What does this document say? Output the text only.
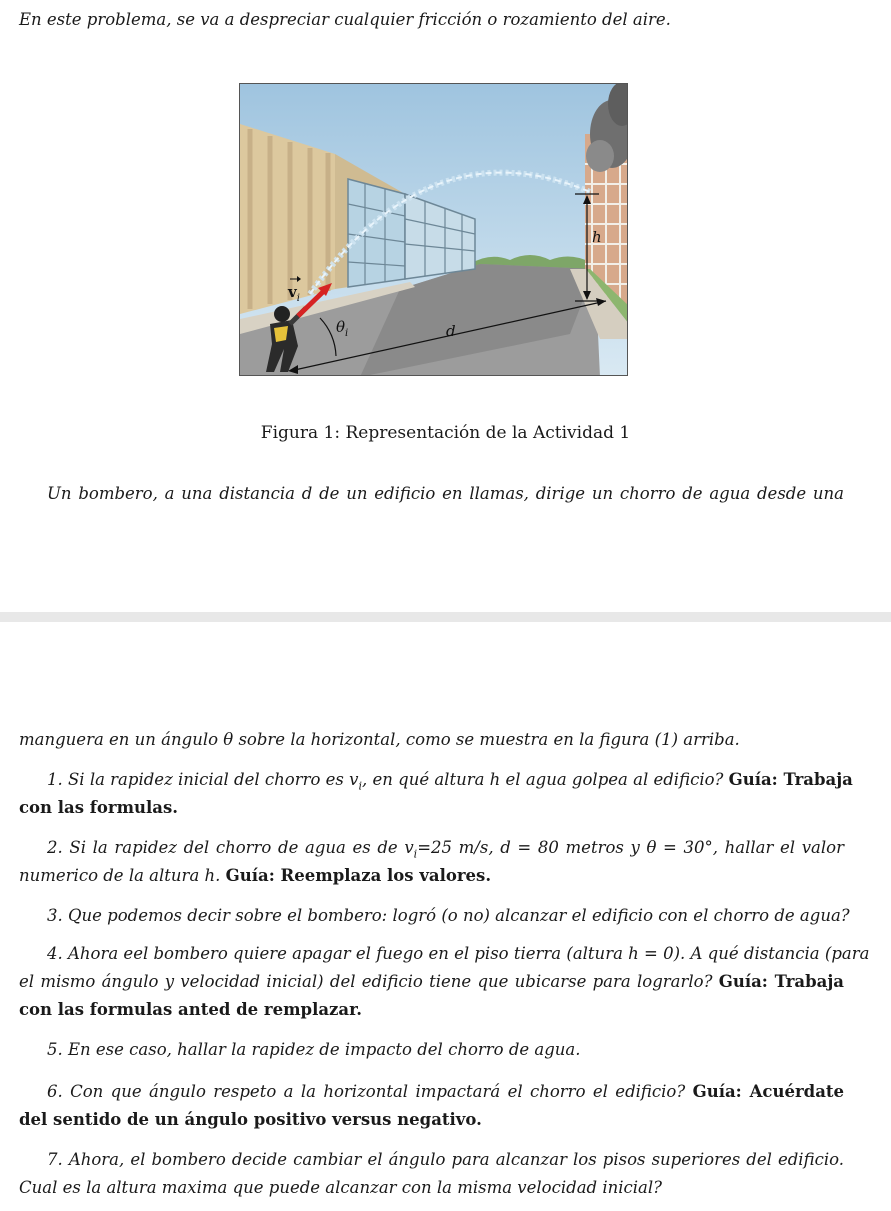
En este problema, se va a despreciar cualquier fricción o rozamiento del aire.
$v_i$
$\theta_i$	d
h
Figura 1: Representación de la Actividad 1
Un bombero, a una distancia d de un edificio en llamas, dirige un chorro de agua desde una
manguera en un ángulo θ sobre la horizontal, como se muestra en la figura (1) arriba.
1. Si la rapidez inicial del chorro es $v_i$, en qué altura h el agua golpea al edificio? Guía: Trabaja
con las formulas.
2. Si la rapidez del chorro de agua es de $v_i=25$ m/s, d = 80 metros y θ = 30°, hallar el valor
numerico de la altura h. Guía: Reemplaza los valores.
3. Que podemos decir sobre el bombero: logró (o no) alcanzar el edificio con el chorro de agua?
4. Ahora eel bombero quiere apagar el fuego en el piso tierra (altura h = 0). A qué distancia (para
el mismo ángulo y velocidad inicial) del edificio tiene que ubicarse para lograrlo? Guía: Trabaja
con las formulas anted de remplazar.
5. En ese caso, hallar la rapidez de impacto del chorro de agua.
6. Con que ángulo respeto a la horizontal impactará el chorro el edificio? Guía: Acuérdate
del sentido de un ángulo positivo versus negativo.
7. Ahora, el bombero decide cambiar el ángulo para alcanzar los pisos superiores del edificio.
Cual es la altura maxima que puede alcanzar con la misma velocidad inicial?
